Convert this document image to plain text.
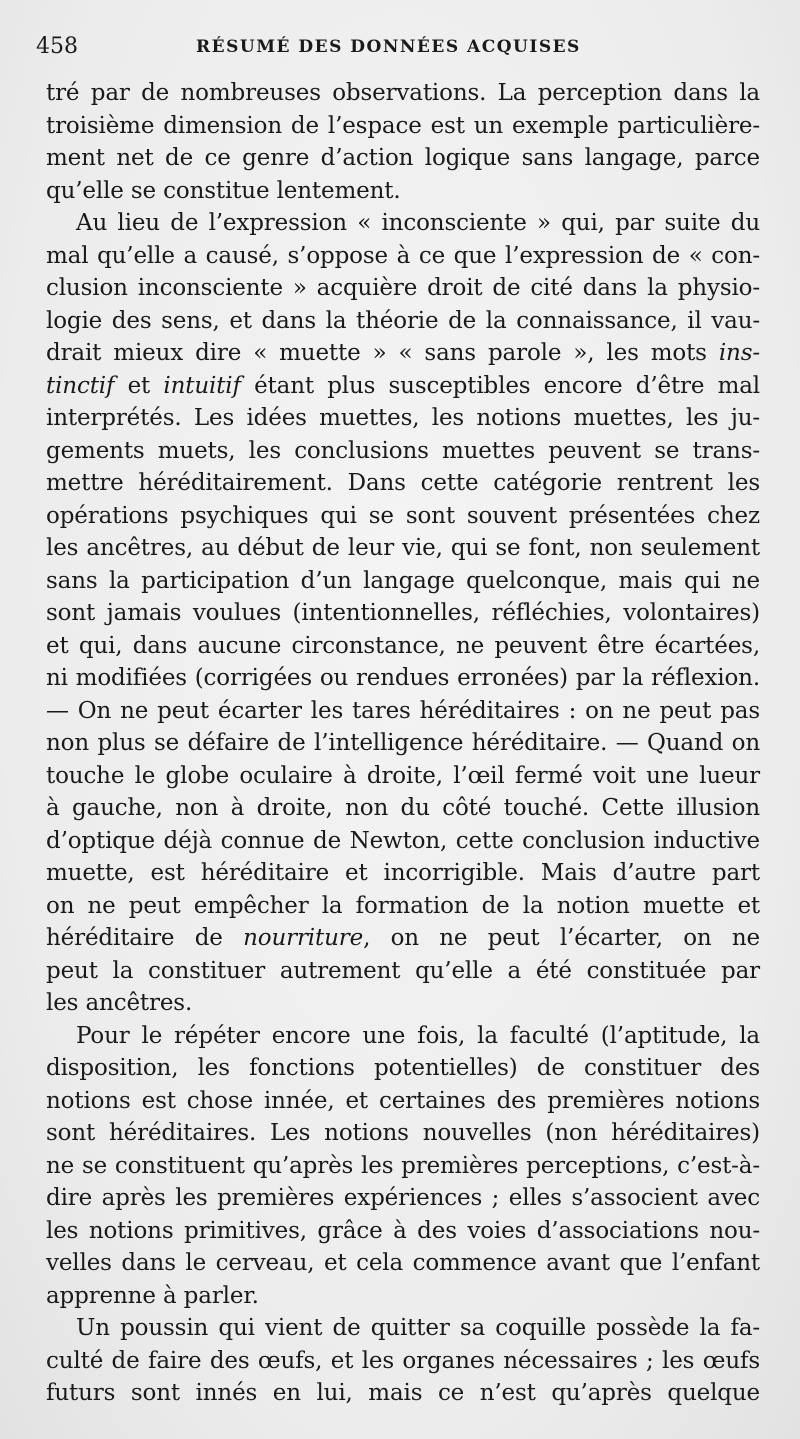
458	RÉSUMÉ DES DONNÉES ACQUISES
tré par de nombreuses observations. La perception dans la
troisième dimension de l’espace est un exemple particulière-
ment net de ce genre d’action logique sans langage, parce
qu’elle se constitue lentement.
Au lieu de l’expression « inconsciente » qui, par suite du
mal qu’elle a causé, s’oppose à ce que l’expression de « con-
clusion inconsciente » acquière droit de cité dans la physio-
logie des sens, et dans la théorie de la connaissance, il vau-
drait mieux dire « muette » « sans parole », les mots ins-
tinctif et intuitif étant plus susceptibles encore d’être mal
interprétés. Les idées muettes, les notions muettes, les ju-
gements muets, les conclusions muettes peuvent se trans-
mettre héréditairement. Dans cette catégorie rentrent les
opérations psychiques qui se sont souvent présentées chez
les ancêtres, au début de leur vie, qui se font, non seulement
sans la participation d’un langage quelconque, mais qui ne
sont jamais voulues (intentionnelles, réfléchies, volontaires)
et qui, dans aucune circonstance, ne peuvent être écartées,
ni modifiées (corrigées ou rendues erronées) par la réflexion.
— On ne peut écarter les tares héréditaires : on ne peut pas
non plus se défaire de l’intelligence héréditaire. — Quand on
touche le globe oculaire à droite, l’œil fermé voit une lueur
à gauche, non à droite, non du côté touché. Cette illusion
d’optique déjà connue de Newton, cette conclusion inductive
muette, est héréditaire et incorrigible. Mais d’autre part
on ne peut empêcher la formation de la notion muette et
héréditaire de nourriture, on ne peut l’écarter, on ne
peut la constituer autrement qu’elle a été constituée par
les ancêtres.
Pour le répéter encore une fois, la faculté (l’aptitude, la
disposition, les fonctions potentielles) de constituer des
notions est chose innée, et certaines des premières notions
sont héréditaires. Les notions nouvelles (non héréditaires)
ne se constituent qu’après les premières perceptions, c’est-à-
dire après les premières expériences ; elles s’associent avec
les notions primitives, grâce à des voies d’associations nou-
velles dans le cerveau, et cela commence avant que l’enfant
apprenne à parler.
Un poussin qui vient de quitter sa coquille possède la fa-
culté de faire des œufs, et les organes nécessaires ; les œufs
futurs sont innés en lui, mais ce n’est qu’après quelque
